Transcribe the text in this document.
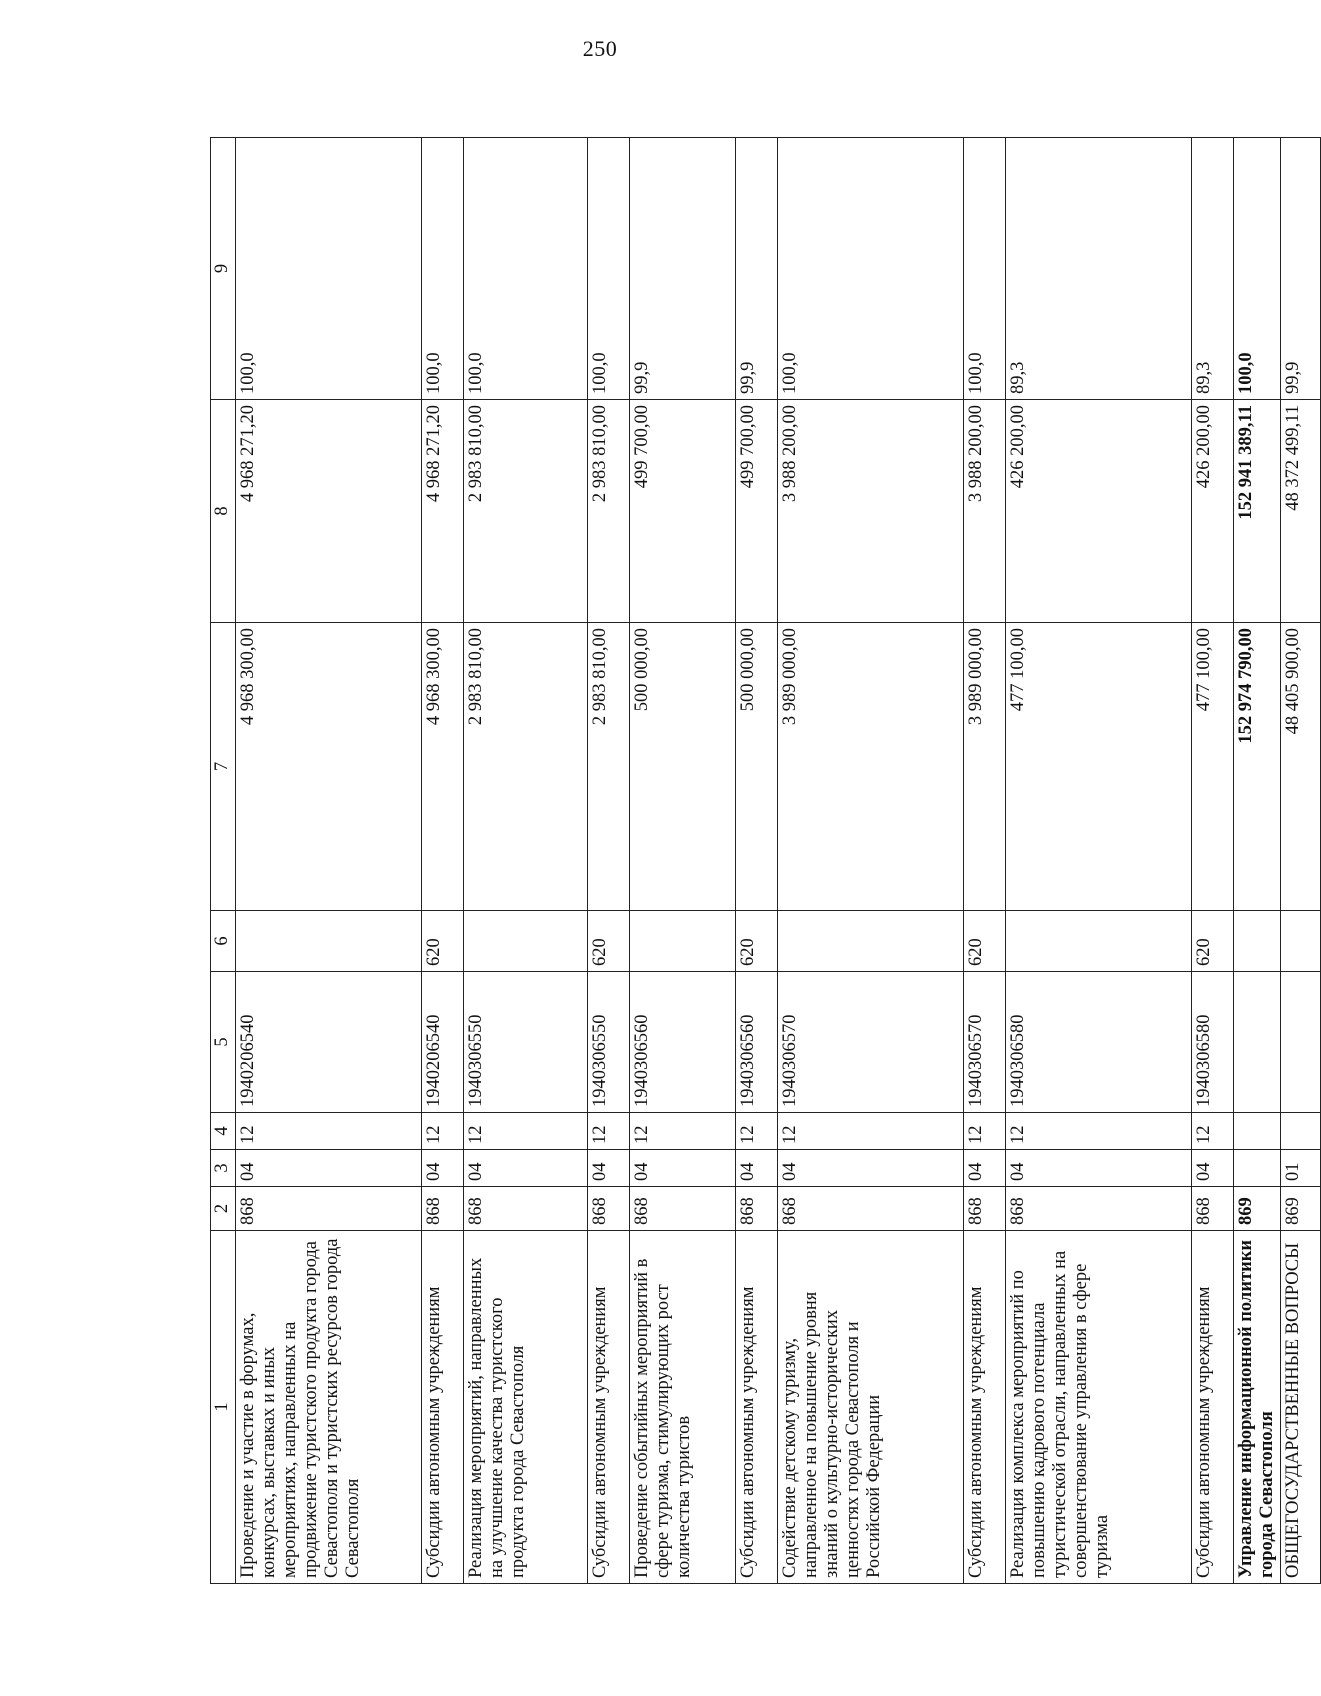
250
1	2	3	4	5	6	7	8	9
Проведение и участие в форумах, конкурсах, выставках и иных мероприятиях, направленных на продвижение туристского продукта города Севастополя и туристских ресурсов города Севастополя	868	04	12	1940206540		4 968 300,00	4 968 271,20	100,0
Субсидии автономным учреждениям	868	04	12	1940206540	620	4 968 300,00	4 968 271,20	100,0
Реализация мероприятий, направленных на улучшение качества туристского продукта города Севастополя	868	04	12	1940306550		2 983 810,00	2 983 810,00	100,0
Субсидии автономным учреждениям	868	04	12	1940306550	620	2 983 810,00	2 983 810,00	100,0
Проведение событийных мероприятий в сфере туризма, стимулирующих рост количества туристов	868	04	12	1940306560		500 000,00	499 700,00	99,9
Субсидии автономным учреждениям	868	04	12	1940306560	620	500 000,00	499 700,00	99,9
Содействие детскому туризму, направленное на повышение уровня знаний о культурно-исторических ценностях города Севастополя и Российской Федерации	868	04	12	1940306570		3 989 000,00	3 988 200,00	100,0
Субсидии автономным учреждениям	868	04	12	1940306570	620	3 989 000,00	3 988 200,00	100,0
Реализация комплекса мероприятий по повышению кадрового потенциала туристической отрасли, направленных на совершенствование управления в сфере туризма	868	04	12	1940306580		477 100,00	426 200,00	89,3
Субсидии автономным учреждениям	868	04	12	1940306580	620	477 100,00	426 200,00	89,3
Управление информационной политики города Севастополя	869					152 974 790,00	152 941 389,11	100,0
ОБЩЕГОСУДАРСТВЕННЫЕ ВОПРОСЫ	869	01				48 405 900,00	48 372 499,11	99,9
